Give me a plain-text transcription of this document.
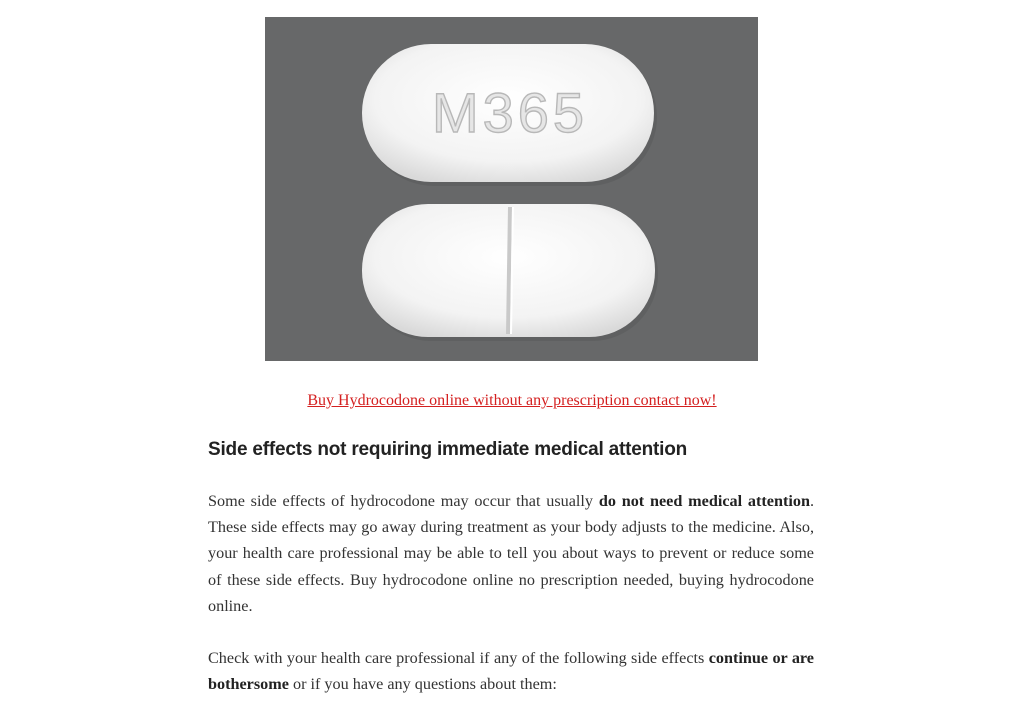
M365
Buy Hydrocodone online without any prescription contact now!
Side effects not requiring immediate medical attention

Some side effects of hydrocodone may occur that usually do not need medical attention. These side effects may go away during treatment as your body adjusts to the medicine. Also, your health care professional may be able to tell you about ways to prevent or reduce some of these side effects. Buy hydrocodone online no prescription needed, buying hydrocodone online.

Check with your health care professional if any of the following side effects continue or are bothersome or if you have any questions about them:
